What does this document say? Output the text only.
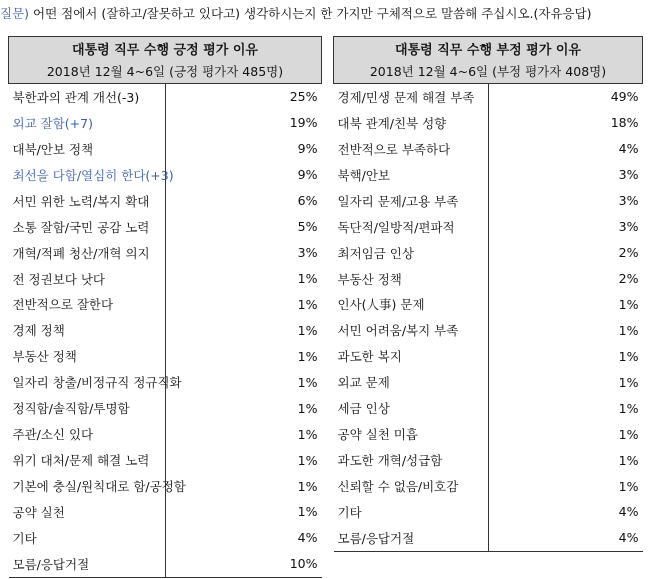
질문) 어떤 점에서 (잘하고/잘못하고 있다고) 생각하시는지 한 가지만 구체적으로 말씀해 주십시오.(자유응답)
대통령 직무 수행 긍정 평가 이유	
2018년 12월 4~6일 (긍정 평가자 485명)	
북한과의 관계 개선(-3)	25%
외교 잘함(+7)	19%
대북/안보 정책	9%
최선을 다함/열심히 한다(+3)	9%
서민 위한 노력/복지 확대	6%
소통 잘함/국민 공감 노력	5%
개혁/적폐 청산/개혁 의지	3%
전 정권보다 낫다	1%
전반적으로 잘한다	1%
경제 정책	1%
부동산 정책	1%
일자리 창출/비정규직 정규직화	1%
정직함/솔직함/투명함	1%
주관/소신 있다	1%
위기 대처/문제 해결 노력	1%
기본에 충실/원칙대로 함/공정함	1%
공약 실천	1%
기타	4%
모름/응답거절	10%
대통령 직무 수행 부정 평가 이유	
2018년 12월 4~6일 (부정 평가자 408명)	
경제/민생 문제 해결 부족	49%
대북 관계/친북 성향	18%
전반적으로 부족하다	4%
북핵/안보	3%
일자리 문제/고용 부족	3%
독단적/일방적/편파적	3%
최저임금 인상	2%
부동산 정책	2%
인사(人事) 문제	1%
서민 어려움/복지 부족	1%
과도한 복지	1%
외교 문제	1%
세금 인상	1%
공약 실천 미흡	1%
과도한 개혁/성급함	1%
신뢰할 수 없음/비호감	1%
기타	4%
모름/응답거절	4%
